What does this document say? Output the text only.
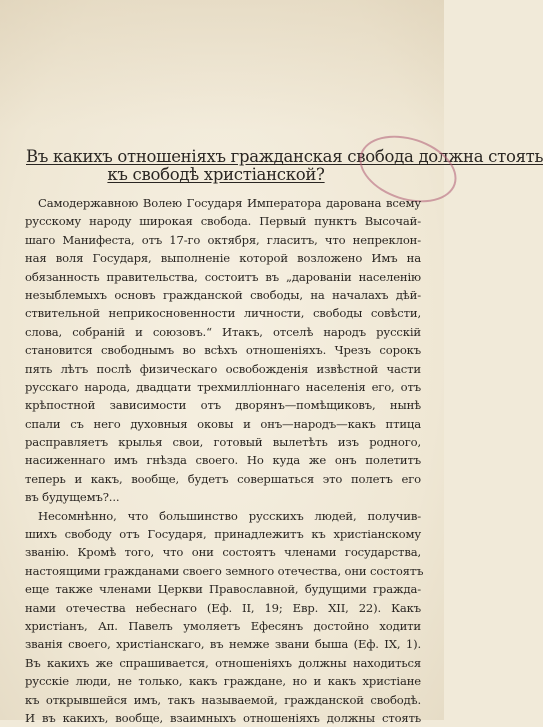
Въ какихъ отношеніяхъ гражданская свобода должна стоять
къ свободѣ христіанской?
Самодержавною Волею Государя Императора дарована всему
русскому народу широкая свобода. Первый пунктъ Высочай-
шаго Манифеста, отъ 17-го октября, гласитъ, что непреклон-
ная воля Государя, выполненіе которой возложено Имъ на
обязанность правительства, состоитъ въ „дарованіи населенію
незыблемыхъ основъ гражданской свободы, на началахъ дѣй-
ствительной неприкосновенности личности, свободы совѣсти,
слова, собраній и союзовъ.“ Итакъ, отселѣ народъ русскій
становится свободнымъ во всѣхъ отношеніяхъ. Чрезъ сорокъ
пять лѣтъ послѣ физическаго освобожденія извѣстной части
русскаго народа, двадцати трехмилліоннаго населенія его, отъ
крѣпостной зависимости отъ дворянъ—помѣщиковъ, нынѣ
спали съ него духовныя оковы и онъ—народъ—какъ птица
расправляетъ крылья свои, готовый вылетѣть изъ родного,
насиженнаго имъ гнѣзда своего. Но куда же онъ полетитъ
теперь и какъ, вообще, будетъ совершаться это полетъ его
въ будущемъ?...
Несомнѣнно, что большинство русскихъ людей, получив-
шихъ свободу отъ Государя, принадлежитъ къ христіанскому
званію. Кромѣ того, что они состоятъ членами государства,
настоящими гражданами своего земного отечества, они состоятъ
еще также членами Церкви Православной, будущими гражда-
нами отечества небеснаго (Еф. II, 19; Евр. XII, 22). Какъ
христіанъ, Ап. Павелъ умоляетъ Ефесянъ достойно ходити
званія своего, христіанскаго, въ немже звани быша (Еф. IX, 1).
Въ какихъ же спрашивается, отношеніяхъ должны находиться
русскіе люди, не только, какъ граждане, но и какъ христіане
къ открывшейся имъ, такъ называемой, гражданской свободѣ.
И въ какихъ, вообще, взаимныхъ отношеніяхъ должны стоять
